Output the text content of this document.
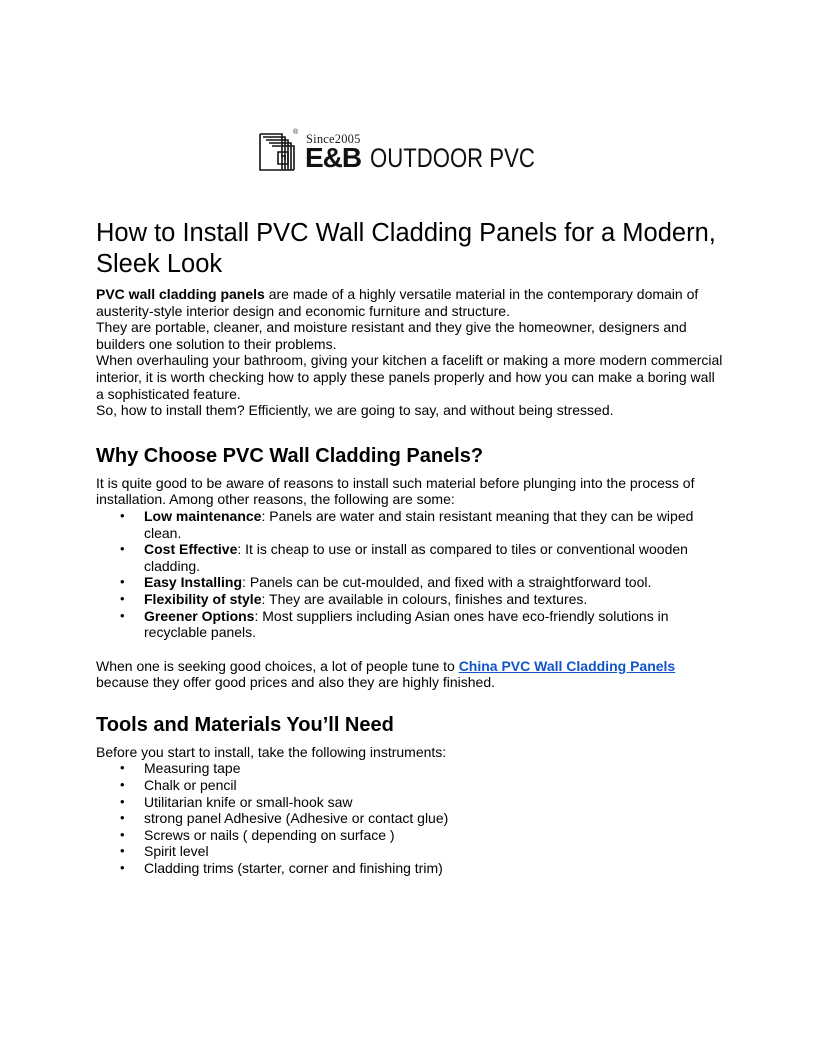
® Since2005
E&B OUTDOOR PVC
How to Install PVC Wall Cladding Panels for a Modern, Sleek Look

PVC wall cladding panels are made of a highly versatile material in the contemporary domain of austerity-style interior design and economic furniture and structure.

They are portable, cleaner, and moisture resistant and they give the homeowner, designers and builders one solution to their problems.

When overhauling your bathroom, giving your kitchen a facelift or making a more modern commercial interior, it is worth checking how to apply these panels properly and how you can make a boring wall a sophisticated feature.

So, how to install them? Efficiently, we are going to say, and without being stressed.

Why Choose PVC Wall Cladding Panels?

It is quite good to be aware of reasons to install such material before plunging into the process of installation. Among other reasons, the following are some:

• Low maintenance: Panels are water and stain resistant meaning that they can be wiped clean.
• Cost Effective: It is cheap to use or install as compared to tiles or conventional wooden cladding.
• Easy Installing: Panels can be cut-moulded, and fixed with a straightforward tool.
• Flexibility of style: They are available in colours, finishes and textures.
• Greener Options: Most suppliers including Asian ones have eco-friendly solutions in recyclable panels.

When one is seeking good choices, a lot of people tune to China PVC Wall Cladding Panels because they offer good prices and also they are highly finished.

Tools and Materials You’ll Need

Before you start to install, take the following instruments:

• Measuring tape
• Chalk or pencil
• Utilitarian knife or small-hook saw
• strong panel Adhesive (Adhesive or contact glue)
• Screws or nails ( depending on surface )
• Spirit level
• Cladding trims (starter, corner and finishing trim)
